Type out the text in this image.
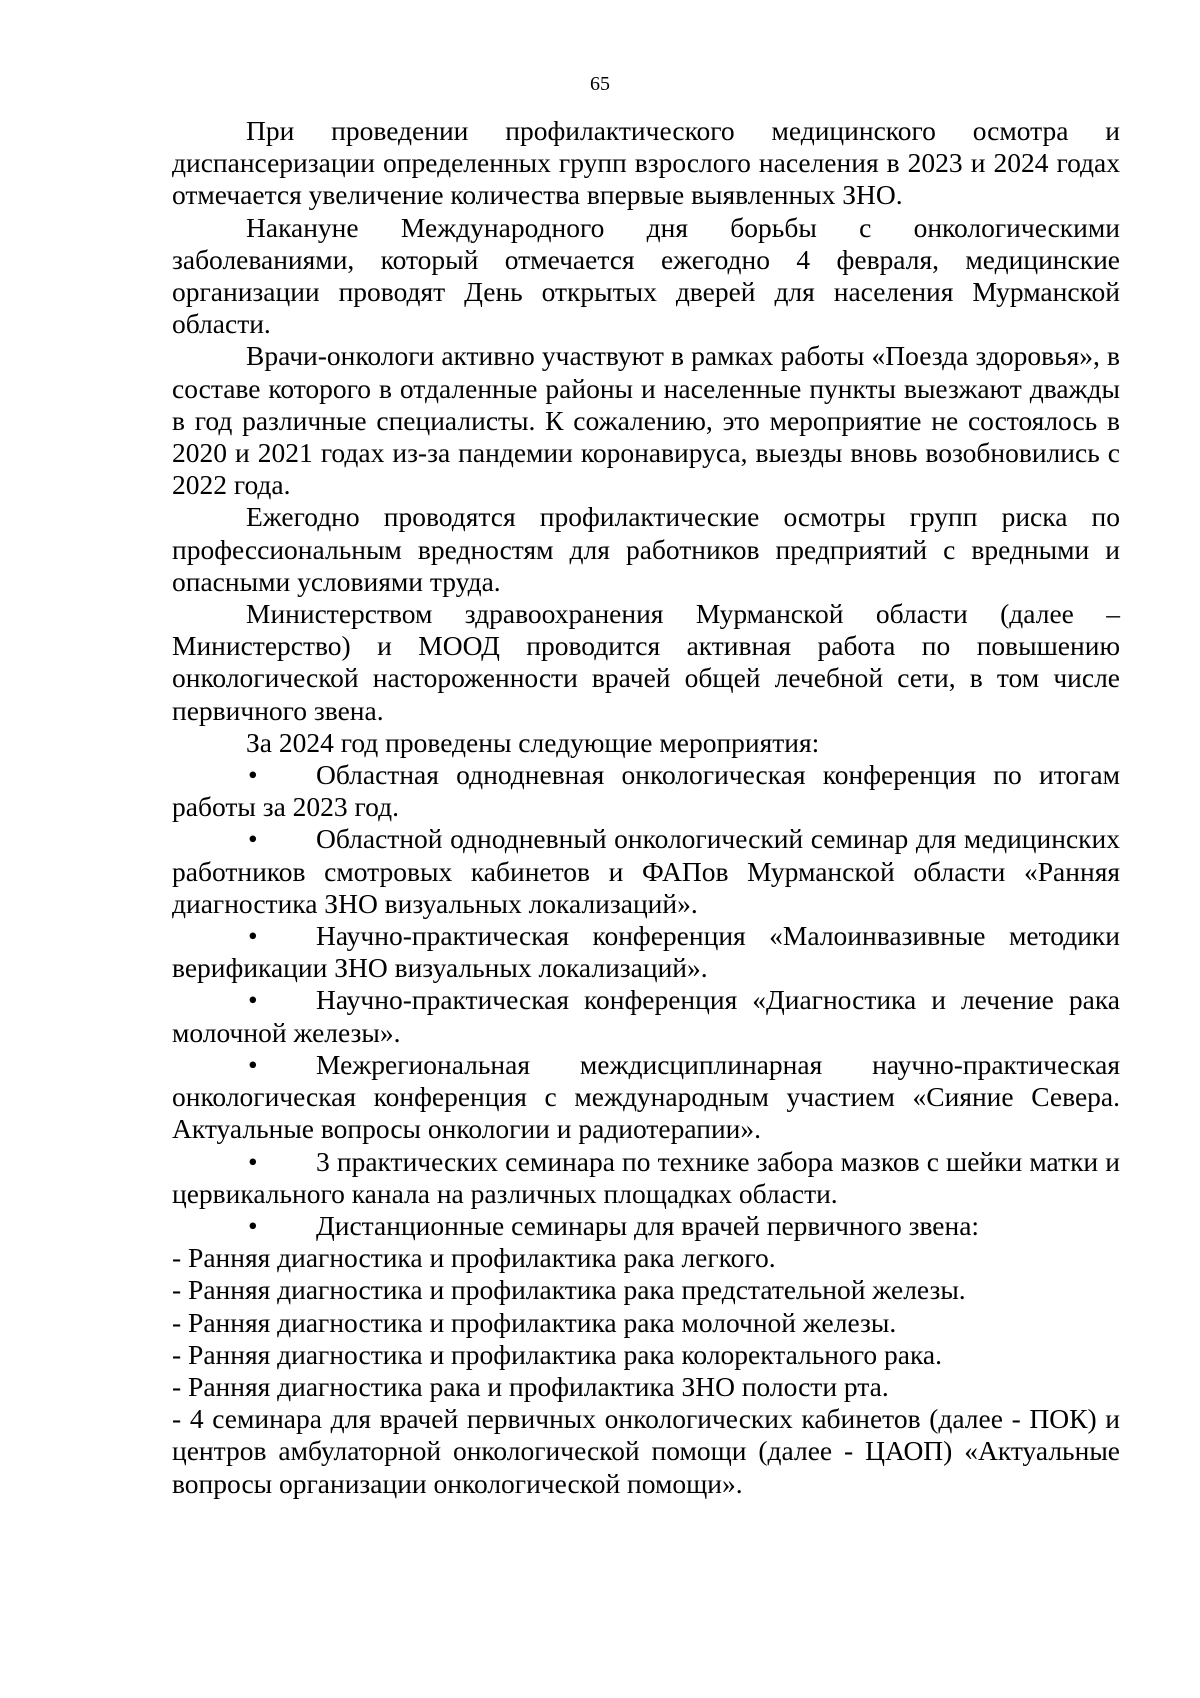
65

При проведении профилактического медицинского осмотра и диспансеризации определенных групп взрослого населения в 2023 и 2024 годах отмечается увеличение количества впервые выявленных ЗНО.

Накануне Международного дня борьбы с онкологическими заболеваниями, который отмечается ежегодно 4 февраля, медицинские организации проводят День открытых дверей для населения Мурманской области.

Врачи-онкологи активно участвуют в рамках работы «Поезда здоровья», в составе которого в отдаленные районы и населенные пункты выезжают дважды в год различные специалисты. К сожалению, это мероприятие не состоялось в 2020 и 2021 годах из-за пандемии коронавируса, выезды вновь возобновились с 2022 года.

Ежегодно проводятся профилактические осмотры групп риска по профессиональным вредностям для работников предприятий с вредными и опасными условиями труда.

Министерством здравоохранения Мурманской области (далее – Министерство) и МООД проводится активная работа по повышению онкологической настороженности врачей общей лечебной сети, в том числе первичного звена.

За 2024 год проведены следующие мероприятия:

•	Областная однодневная онкологическая конференция по итогам работы за 2023 год.

•	Областной однодневный онкологический семинар для медицинских работников смотровых кабинетов и ФАПов Мурманской области «Ранняя диагностика ЗНО визуальных локализаций».

•	Научно-практическая конференция «Малоинвазивные методики верификации ЗНО визуальных локализаций».

•	Научно-практическая конференция «Диагностика и лечение рака молочной железы».

•	Межрегиональная междисциплинарная научно-практическая онкологическая конференция с международным участием «Сияние Севера. Актуальные вопросы онкологии и радиотерапии».

•	3 практических семинара по технике забора мазков с шейки матки и цервикального канала на различных площадках области.

•	Дистанционные семинары для врачей первичного звена:

- Ранняя диагностика и профилактика рака легкого.

- Ранняя диагностика и профилактика рака предстательной железы.

- Ранняя диагностика и профилактика рака молочной железы.

- Ранняя диагностика и профилактика рака колоректального рака.

- Ранняя диагностика рака и профилактика ЗНО полости рта.

- 4 семинара для врачей первичных онкологических кабинетов (далее - ПОК) и центров амбулаторной онкологической помощи (далее - ЦАОП) «Актуальные вопросы организации онкологической помощи».
